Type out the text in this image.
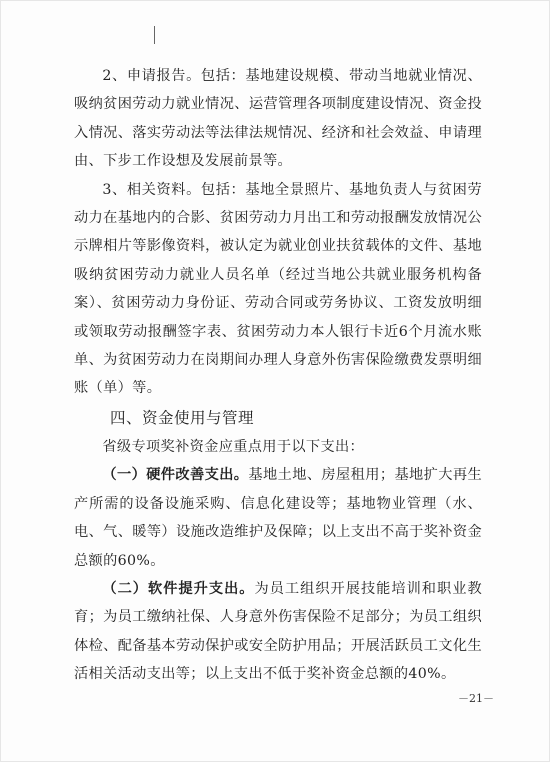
2、申请报告。包括：基地建设规模、带动当地就业情况、吸纳贫困劳动力就业情况、运营管理各项制度建设情况、资金投入情况、落实劳动法等法律法规情况、经济和社会效益、申请理由、下步工作设想及发展前景等。

3、相关资料。包括：基地全景照片、基地负责人与贫困劳动力在基地内的合影、贫困劳动力月出工和劳动报酬发放情况公示牌相片等影像资料，被认定为就业创业扶贫载体的文件、基地吸纳贫困劳动力就业人员名单（经过当地公共就业服务机构备案）、贫困劳动力身份证、劳动合同或劳务协议、工资发放明细或领取劳动报酬签字表、贫困劳动力本人银行卡近6个月流水账单、为贫困劳动力在岗期间办理人身意外伤害保险缴费发票明细账（单）等。

四、资金使用与管理

省级专项奖补资金应重点用于以下支出：

（一）硬件改善支出。基地土地、房屋租用；基地扩大再生产所需的设备设施采购、信息化建设等；基地物业管理（水、电、气、暖等）设施改造维护及保障；以上支出不高于奖补资金总额的60%。

（二）软件提升支出。为员工组织开展技能培训和职业教育；为员工缴纳社保、人身意外伤害保险不足部分；为员工组织体检、配备基本劳动保护或安全防护用品；开展活跃员工文化生活相关活动支出等；以上支出不低于奖补资金总额的40%。

－21－
